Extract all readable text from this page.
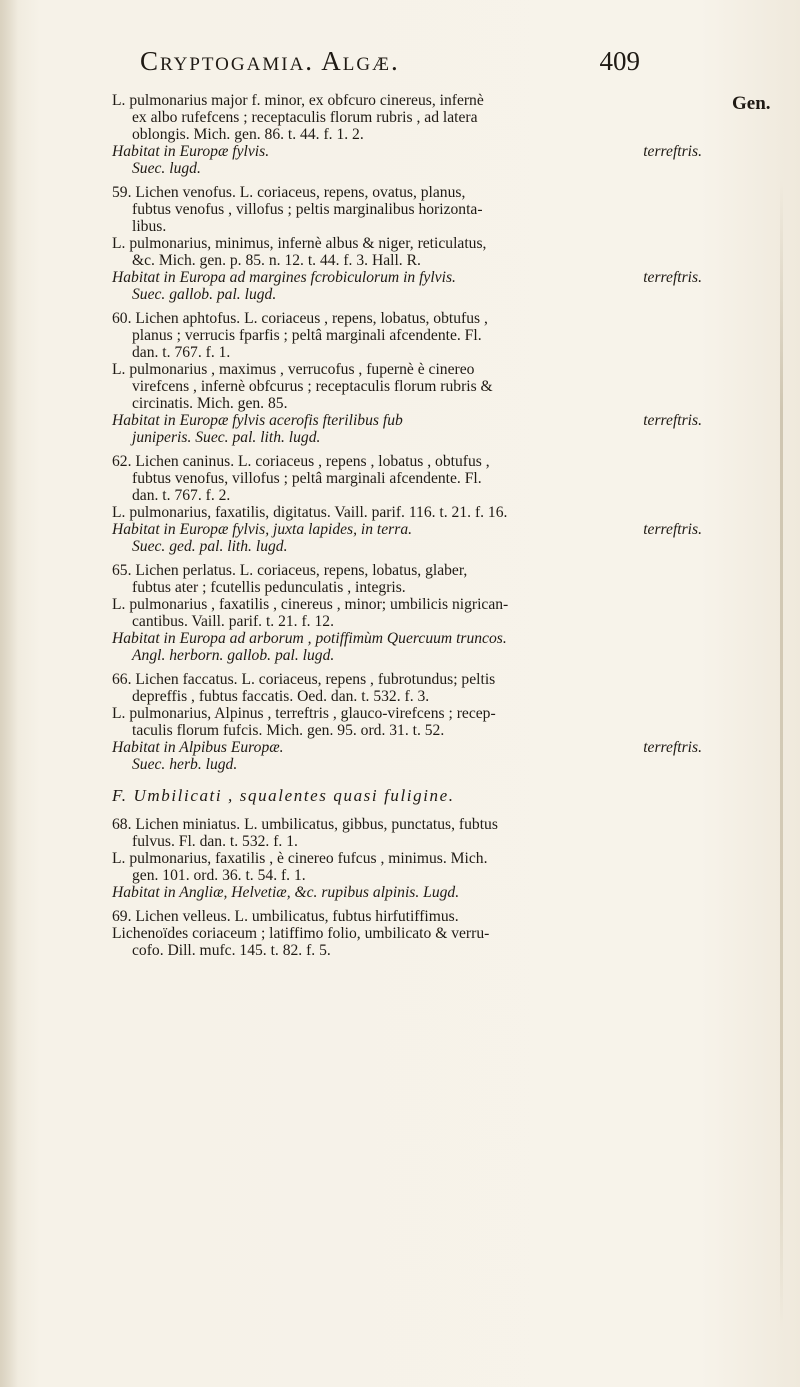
Cryptogamia. Algæ.	409
Gen.
L. pulmonarius major f. minor, ex obfcuro cinereus, infernè
ex albo rufefcens ; receptaculis florum rubris , ad latera
oblongis. Mich. gen. 86. t. 44. f. 1. 2.
Habitat in Europæ fylvis.	terreftris.
Suec. lugd.
59. Lichen venofus. L. coriaceus, repens, ovatus, planus,
fubtus venofus , villofus ; peltis marginalibus horizonta-
libus.
L. pulmonarius, minimus, infernè albus & niger, reticulatus,
&c. Mich. gen. p. 85. n. 12. t. 44. f. 3. Hall. R.
Habitat in Europa ad margines fcrobiculorum in fylvis.	terreftris.
Suec. gallob. pal. lugd.
60. Lichen aphtofus. L. coriaceus , repens, lobatus, obtufus ,
planus ; verrucis fparfis ; peltâ marginali afcendente. Fl.
dan. t. 767. f. 1.
L. pulmonarius , maximus , verrucofus , fupernè è cinereo
virefcens , infernè obfcurus ; receptaculis florum rubris &
circinatis. Mich. gen. 85.
Habitat in Europæ fylvis acerofis fterilibus fub	terreftris.
juniperis. Suec. pal. lith. lugd.
62. Lichen caninus. L. coriaceus , repens , lobatus , obtufus ,
fubtus venofus, villofus ; peltâ marginali afcendente. Fl.
dan. t. 767. f. 2.
L. pulmonarius, faxatilis, digitatus. Vaill. parif. 116. t. 21. f. 16.
Habitat in Europæ fylvis, juxta lapides, in terra.	terreftris.
Suec. ged. pal. lith. lugd.
65. Lichen perlatus. L. coriaceus, repens, lobatus, glaber,
fubtus ater ; fcutellis pedunculatis , integris.
L. pulmonarius , faxatilis , cinereus , minor; umbilicis nigrican-
cantibus. Vaill. parif. t. 21. f. 12.
Habitat in Europa ad arborum , potiffimùm Quercuum truncos.
Angl. herborn. gallob. pal. lugd.
66. Lichen faccatus. L. coriaceus, repens , fubrotundus; peltis
depreffis , fubtus faccatis. Oed. dan. t. 532. f. 3.
L. pulmonarius, Alpinus , terreftris , glauco-virefcens ; recep-
taculis florum fufcis. Mich. gen. 95. ord. 31. t. 52.
Habitat in Alpibus Europæ.	terreftris.
Suec. herb. lugd.
F. Umbilicati , squalentes quasi fuligine.
68. Lichen miniatus. L. umbilicatus, gibbus, punctatus, fubtus
fulvus. Fl. dan. t. 532. f. 1.
L. pulmonarius, faxatilis , è cinereo fufcus , minimus. Mich.
gen. 101. ord. 36. t. 54. f. 1.
Habitat in Angliæ, Helvetiæ, &c. rupibus alpinis. Lugd.
69. Lichen velleus. L. umbilicatus, fubtus hirfutiffimus.
Lichenoïdes coriaceum ; latiffimo folio, umbilicato & verru-
cofo. Dill. mufc. 145. t. 82. f. 5.
